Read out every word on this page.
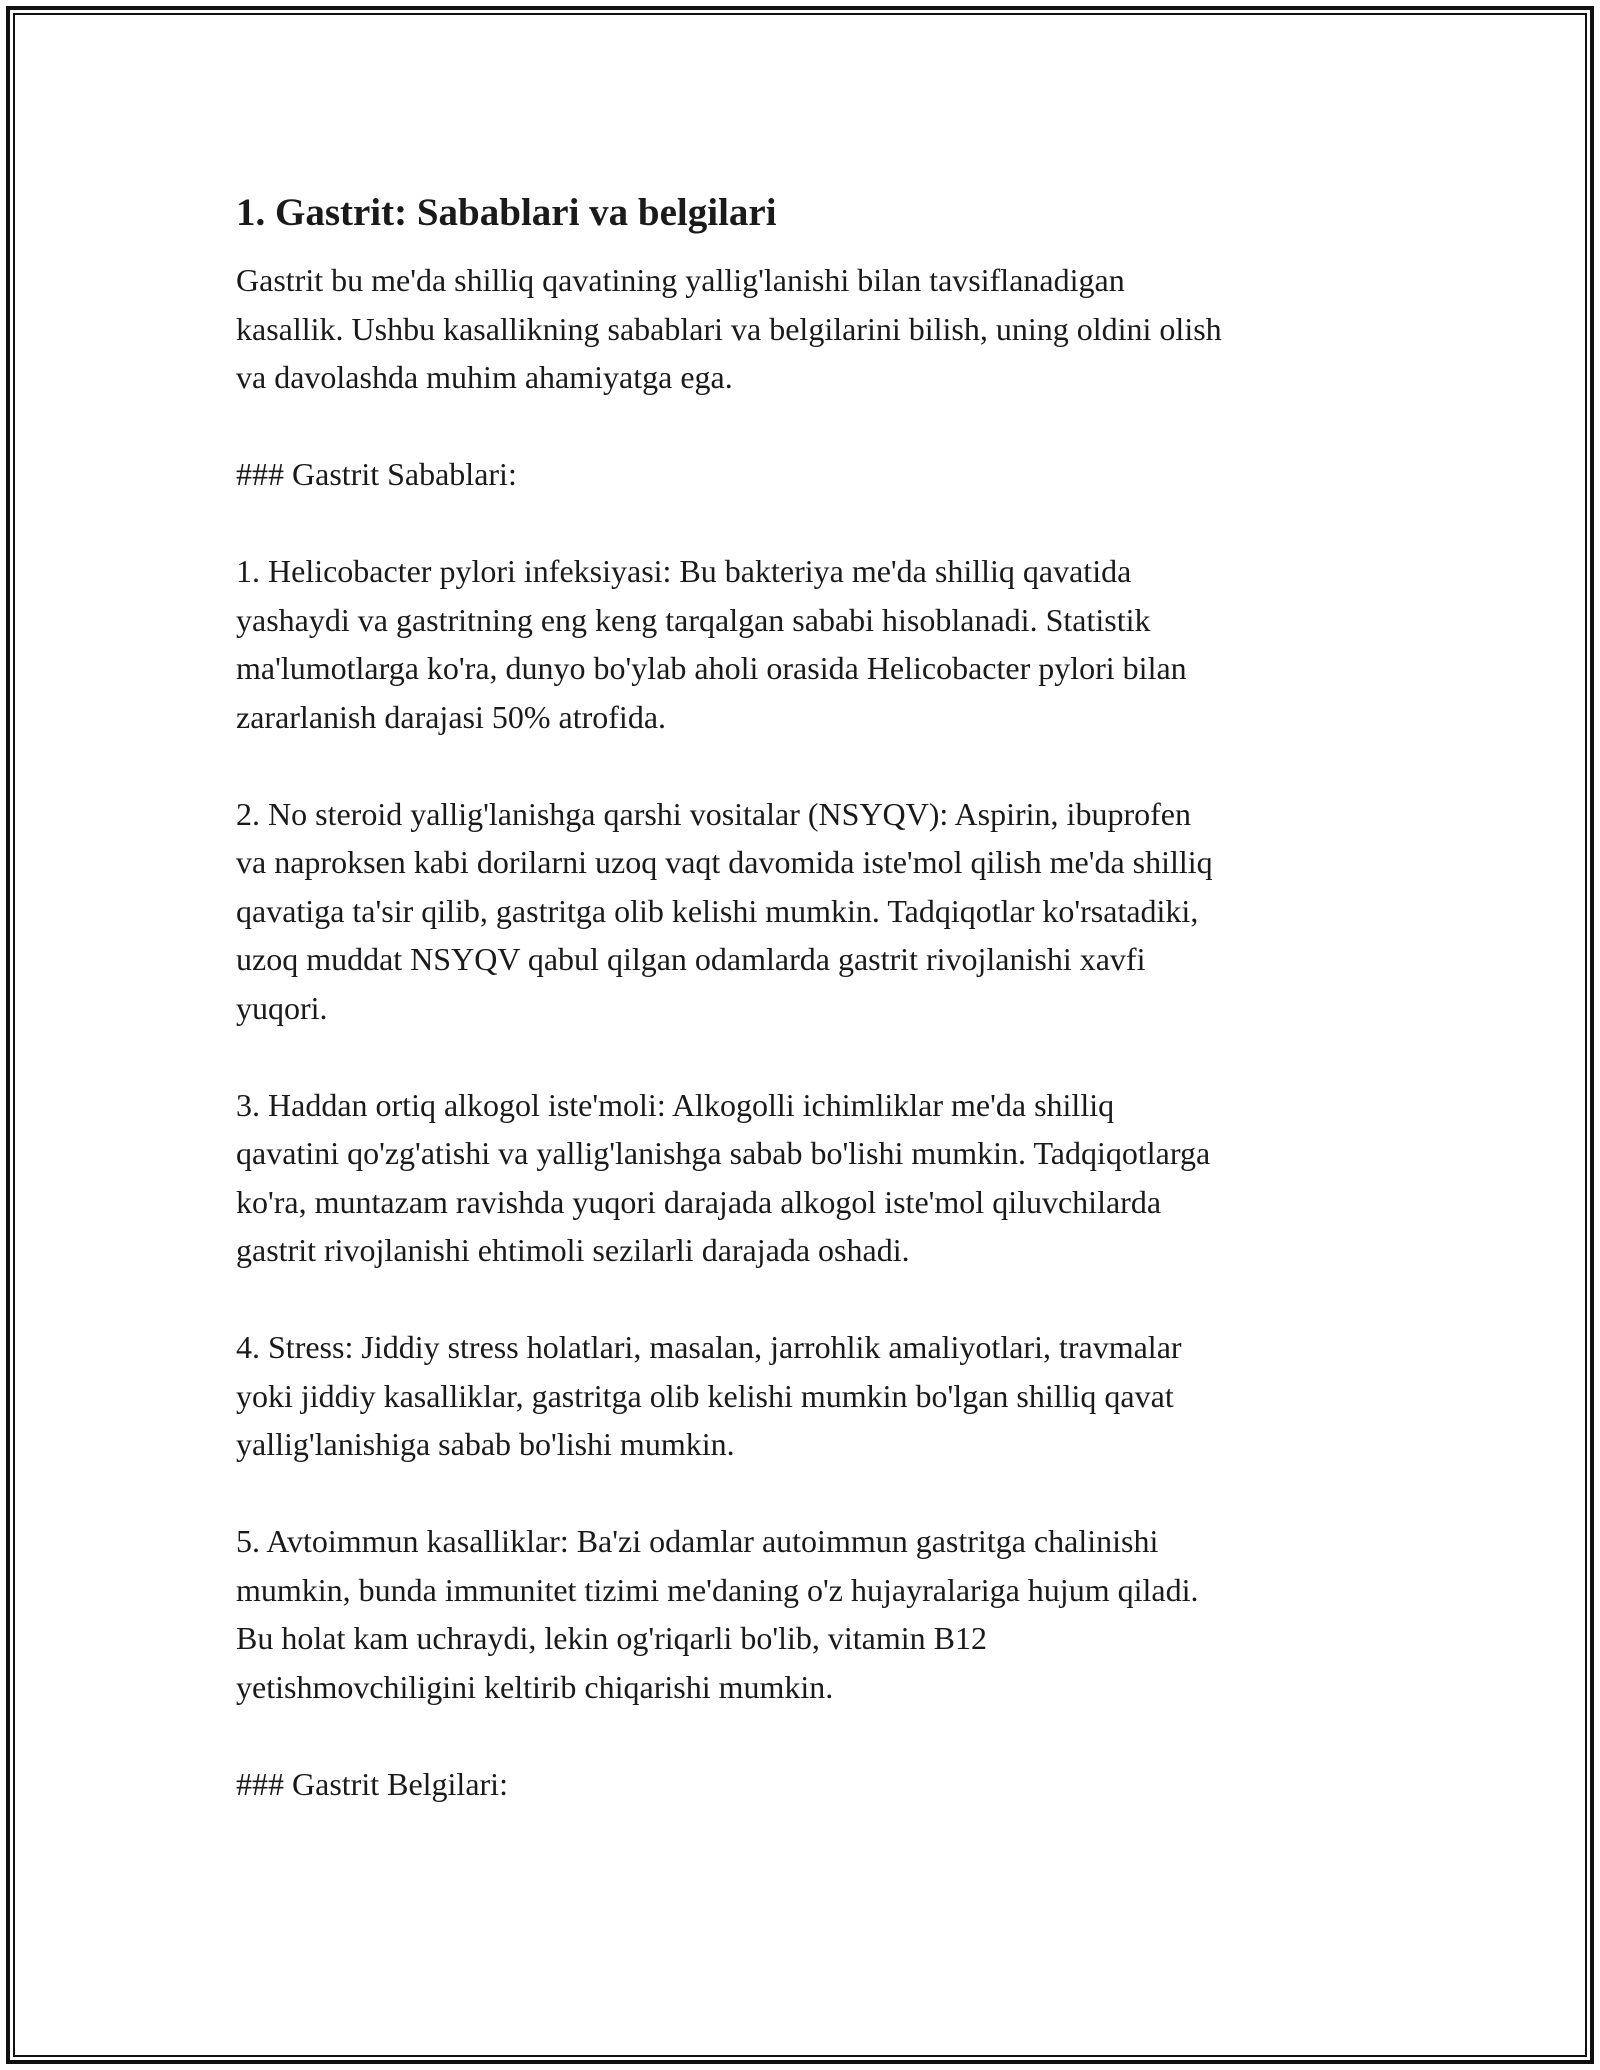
1. Gastrit: Sabablari va belgilari

Gastrit bu me'da shilliq qavatining yallig'lanishi bilan tavsiflanadigan
kasallik. Ushbu kasallikning sabablari va belgilarini bilish, uning oldini olish
va davolashda muhim ahamiyatga ega.

### Gastrit Sabablari:

1. Helicobacter pylori infeksiyasi: Bu bakteriya me'da shilliq qavatida
yashaydi va gastritning eng keng tarqalgan sababi hisoblanadi. Statistik
ma'lumotlarga ko'ra, dunyo bo'ylab aholi orasida Helicobacter pylori bilan
zararlanish darajasi 50% atrofida.

2. No steroid yallig'lanishga qarshi vositalar (NSYQV): Aspirin, ibuprofen
va naproksen kabi dorilarni uzoq vaqt davomida iste'mol qilish me'da shilliq
qavatiga ta'sir qilib, gastritga olib kelishi mumkin. Tadqiqotlar ko'rsatadiki,
uzoq muddat NSYQV qabul qilgan odamlarda gastrit rivojlanishi xavfi
yuqori.

3. Haddan ortiq alkogol iste'moli: Alkogolli ichimliklar me'da shilliq
qavatini qo'zg'atishi va yallig'lanishga sabab bo'lishi mumkin. Tadqiqotlarga
ko'ra, muntazam ravishda yuqori darajada alkogol iste'mol qiluvchilarda
gastrit rivojlanishi ehtimoli sezilarli darajada oshadi.

4. Stress: Jiddiy stress holatlari, masalan, jarrohlik amaliyotlari, travmalar
yoki jiddiy kasalliklar, gastritga olib kelishi mumkin bo'lgan shilliq qavat
yallig'lanishiga sabab bo'lishi mumkin.

5. Avtoimmun kasalliklar: Ba'zi odamlar autoimmun gastritga chalinishi
mumkin, bunda immunitet tizimi me'daning o'z hujayralariga hujum qiladi.
Bu holat kam uchraydi, lekin og'riqarli bo'lib, vitamin B12
yetishmovchiligini keltirib chiqarishi mumkin.

### Gastrit Belgilari:
